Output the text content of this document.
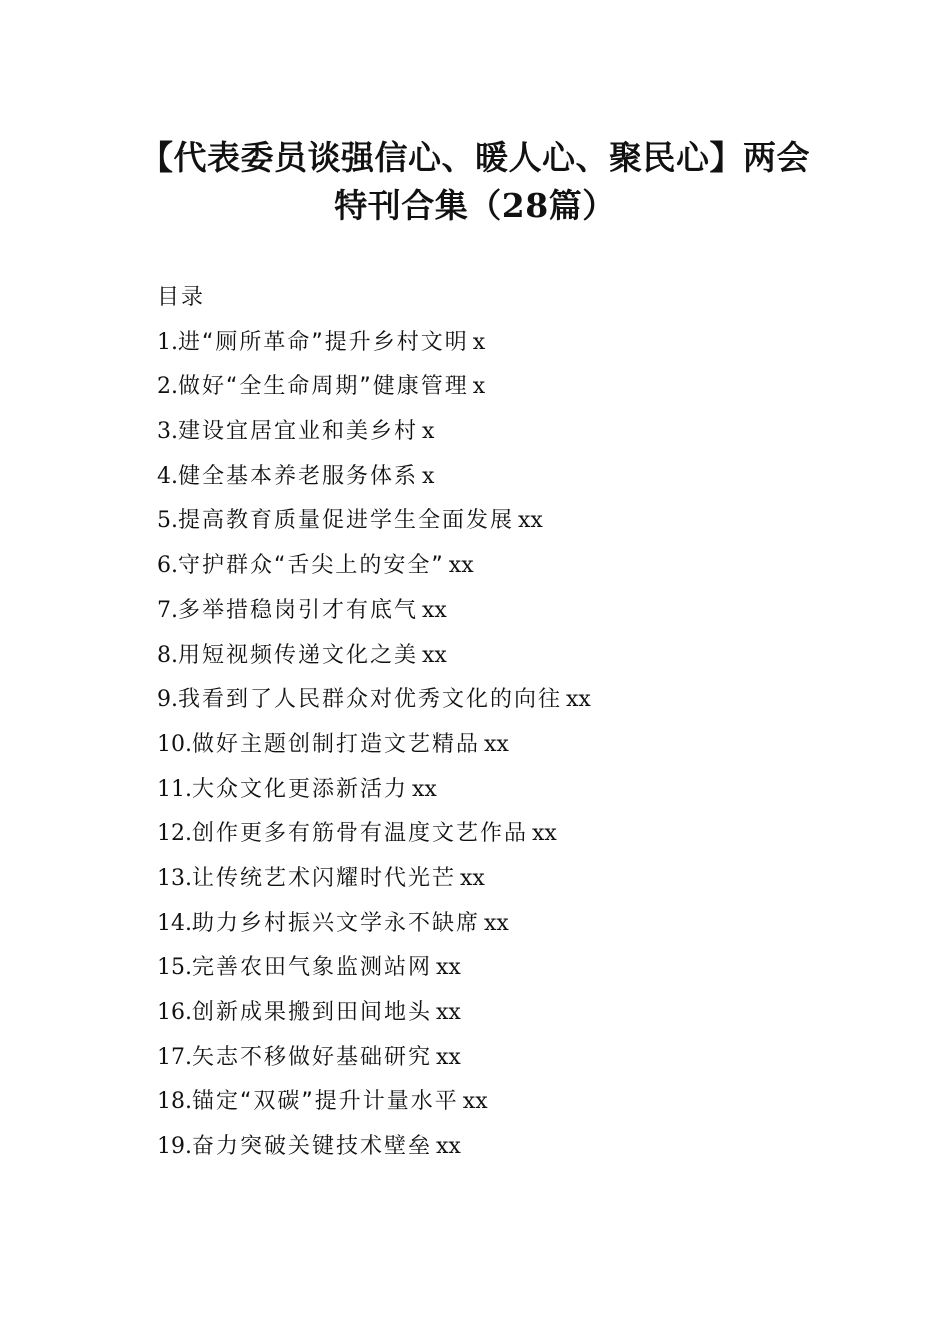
【代表委员谈强信心、暖人心、聚民心】两会
特刊合集（28篇）
目录
1.进“厕所革命”提升乡村文明 x
2.做好“全生命周期”健康管理 x
3.建设宜居宜业和美乡村 x
4.健全基本养老服务体系 x
5.提高教育质量促进学生全面发展 xx
6.守护群众“舌尖上的安全” xx
7.多举措稳岗引才有底气 xx
8.用短视频传递文化之美 xx
9.我看到了人民群众对优秀文化的向往 xx
10.做好主题创制打造文艺精品 xx
11.大众文化更添新活力 xx
12.创作更多有筋骨有温度文艺作品 xx
13.让传统艺术闪耀时代光芒 xx
14.助力乡村振兴文学永不缺席 xx
15.完善农田气象监测站网 xx
16.创新成果搬到田间地头 xx
17.矢志不移做好基础研究 xx
18.锚定“双碳”提升计量水平 xx
19.奋力突破关键技术壁垒 xx
